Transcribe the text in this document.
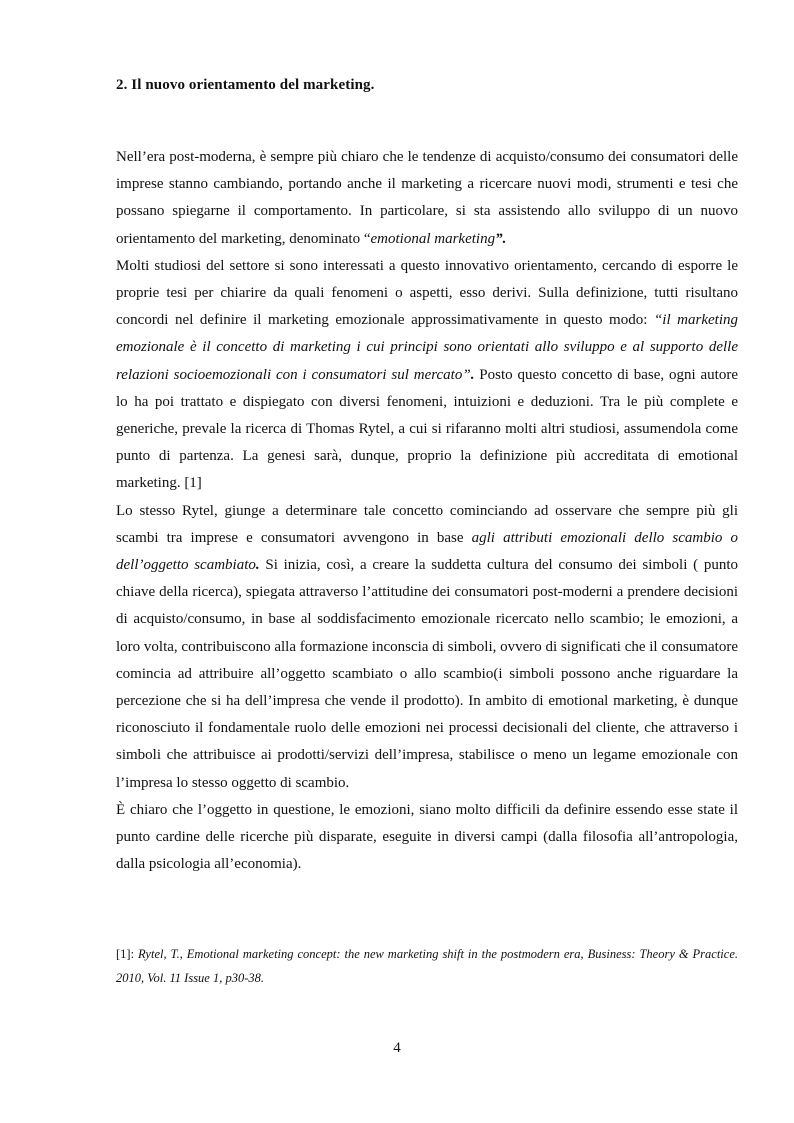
2. Il nuovo orientamento del marketing.

Nell’era post-moderna, è sempre più chiaro che le tendenze di acquisto/consumo dei consumatori delle imprese stanno cambiando, portando anche il marketing a ricercare nuovi modi, strumenti e tesi che possano spiegarne il comportamento. In particolare, si sta assistendo allo sviluppo di un nuovo orientamento del marketing, denominato “emotional marketing”.

Molti studiosi del settore si sono interessati a questo innovativo orientamento, cercando di esporre le proprie tesi per chiarire da quali fenomeni o aspetti, esso derivi. Sulla definizione, tutti risultano concordi nel definire il marketing emozionale approssimativamente in questo modo: “il marketing emozionale è il concetto di marketing i cui principi sono orientati allo sviluppo e al supporto delle relazioni socioemozionali con i consumatori sul mercato”. Posto questo concetto di base, ogni autore lo ha poi trattato e dispiegato con diversi fenomeni, intuizioni e deduzioni. Tra le più complete e generiche, prevale la ricerca di Thomas Rytel, a cui si rifaranno molti altri studiosi, assumendola come punto di partenza. La genesi sarà, dunque, proprio la definizione più accreditata di emotional marketing. [1]

Lo stesso Rytel, giunge a determinare tale concetto cominciando ad osservare che sempre più gli scambi tra imprese e consumatori avvengono in base agli attributi emozionali dello scambio o dell’oggetto scambiato. Si inizia, così, a creare la suddetta cultura del consumo dei simboli ( punto chiave della ricerca), spiegata attraverso l’attitudine dei consumatori post-moderni a prendere decisioni di acquisto/consumo, in base al soddisfacimento emozionale ricercato nello scambio; le emozioni, a loro volta, contribuiscono alla formazione inconscia di simboli, ovvero di significati che il consumatore comincia ad attribuire all’oggetto scambiato o allo scambio(i simboli possono anche riguardare la percezione che si ha dell’impresa che vende il prodotto). In ambito di emotional marketing, è dunque riconosciuto il fondamentale ruolo delle emozioni nei processi decisionali del cliente, che attraverso i simboli che attribuisce ai prodotti/servizi dell’impresa, stabilisce o meno un legame emozionale con l’impresa lo stesso oggetto di scambio.

È chiaro che l’oggetto in questione, le emozioni, siano molto difficili da definire essendo esse state il punto cardine delle ricerche più disparate, eseguite in diversi campi (dalla filosofia all’antropologia, dalla psicologia all’economia).

[1]: Rytel, T., Emotional marketing concept: the new marketing shift in the postmodern era, Business: Theory & Practice. 2010, Vol. 11 Issue 1, p30-38.
4
